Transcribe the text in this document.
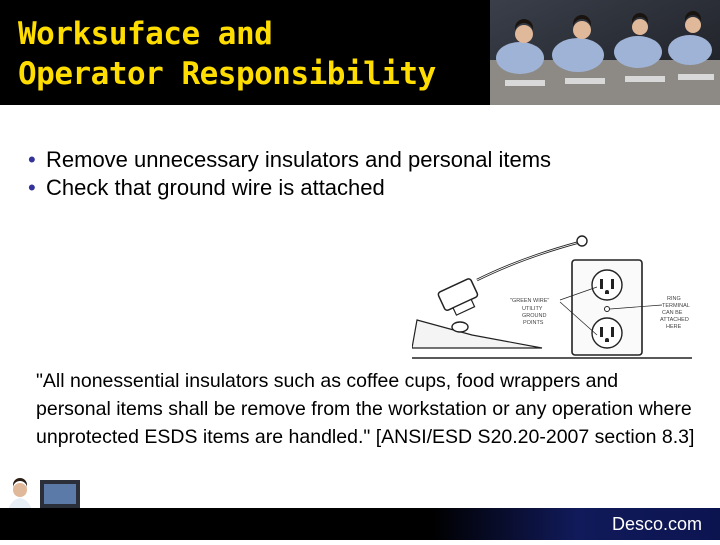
Worksuface and
Operator Responsibility
• Remove unnecessary insulators and personal items
• Check that ground wire is attached
"GREEN WIRE"
UTILITY
GROUND
POINTS
RING
TERMINAL
CAN BE
ATTACHED
HERE

"All nonessential insulators such as coffee cups, food wrappers and personal items shall be remove from the workstation or any operation where unprotected ESDS items are handled." [ANSI/ESD S20.20-2007 section 8.3]

Desco.com
